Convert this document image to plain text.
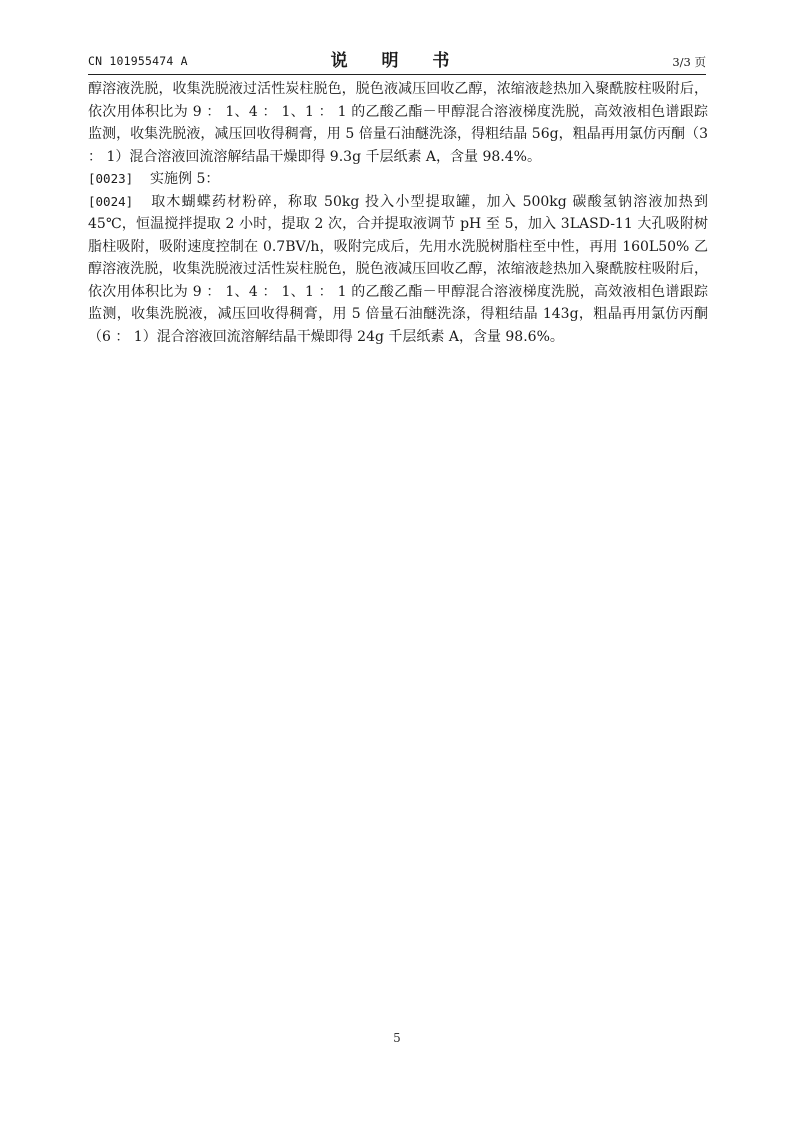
CN 101955474 A	说 明 书	3/3 页

醇溶液洗脱，收集洗脱液过活性炭柱脱色，脱色液减压回收乙醇，浓缩液趁热加入聚酰胺柱吸附后，依次用体积比为 9 ： 1、4 ： 1、1 ： 1 的乙酸乙酯－甲醇混合溶液梯度洗脱，高效液相色谱跟踪监测，收集洗脱液，减压回收得稠膏，用 5 倍量石油醚洗涤，得粗结晶 56g，粗晶再用氯仿丙酮（3 ： 1）混合溶液回流溶解结晶干燥即得 9.3g 千层纸素 A，含量 98.4%。

[0023] 实施例 5：

[0024] 取木蝴蝶药材粉碎，称取 50kg 投入小型提取罐，加入 500kg 碳酸氢钠溶液加热到 45℃，恒温搅拌提取 2 小时，提取 2 次，合并提取液调节 pH 至 5，加入 3LASD-11 大孔吸附树脂柱吸附，吸附速度控制在 0.7BV/h，吸附完成后，先用水洗脱树脂柱至中性，再用 160L50% 乙醇溶液洗脱，收集洗脱液过活性炭柱脱色，脱色液减压回收乙醇，浓缩液趁热加入聚酰胺柱吸附后，依次用体积比为 9 ： 1、4 ： 1、1 ： 1 的乙酸乙酯－甲醇混合溶液梯度洗脱，高效液相色谱跟踪监测，收集洗脱液，减压回收得稠膏，用 5 倍量石油醚洗涤，得粗结晶 143g，粗晶再用氯仿丙酮（6 ： 1）混合溶液回流溶解结晶干燥即得 24g 千层纸素 A，含量 98.6%。

5
